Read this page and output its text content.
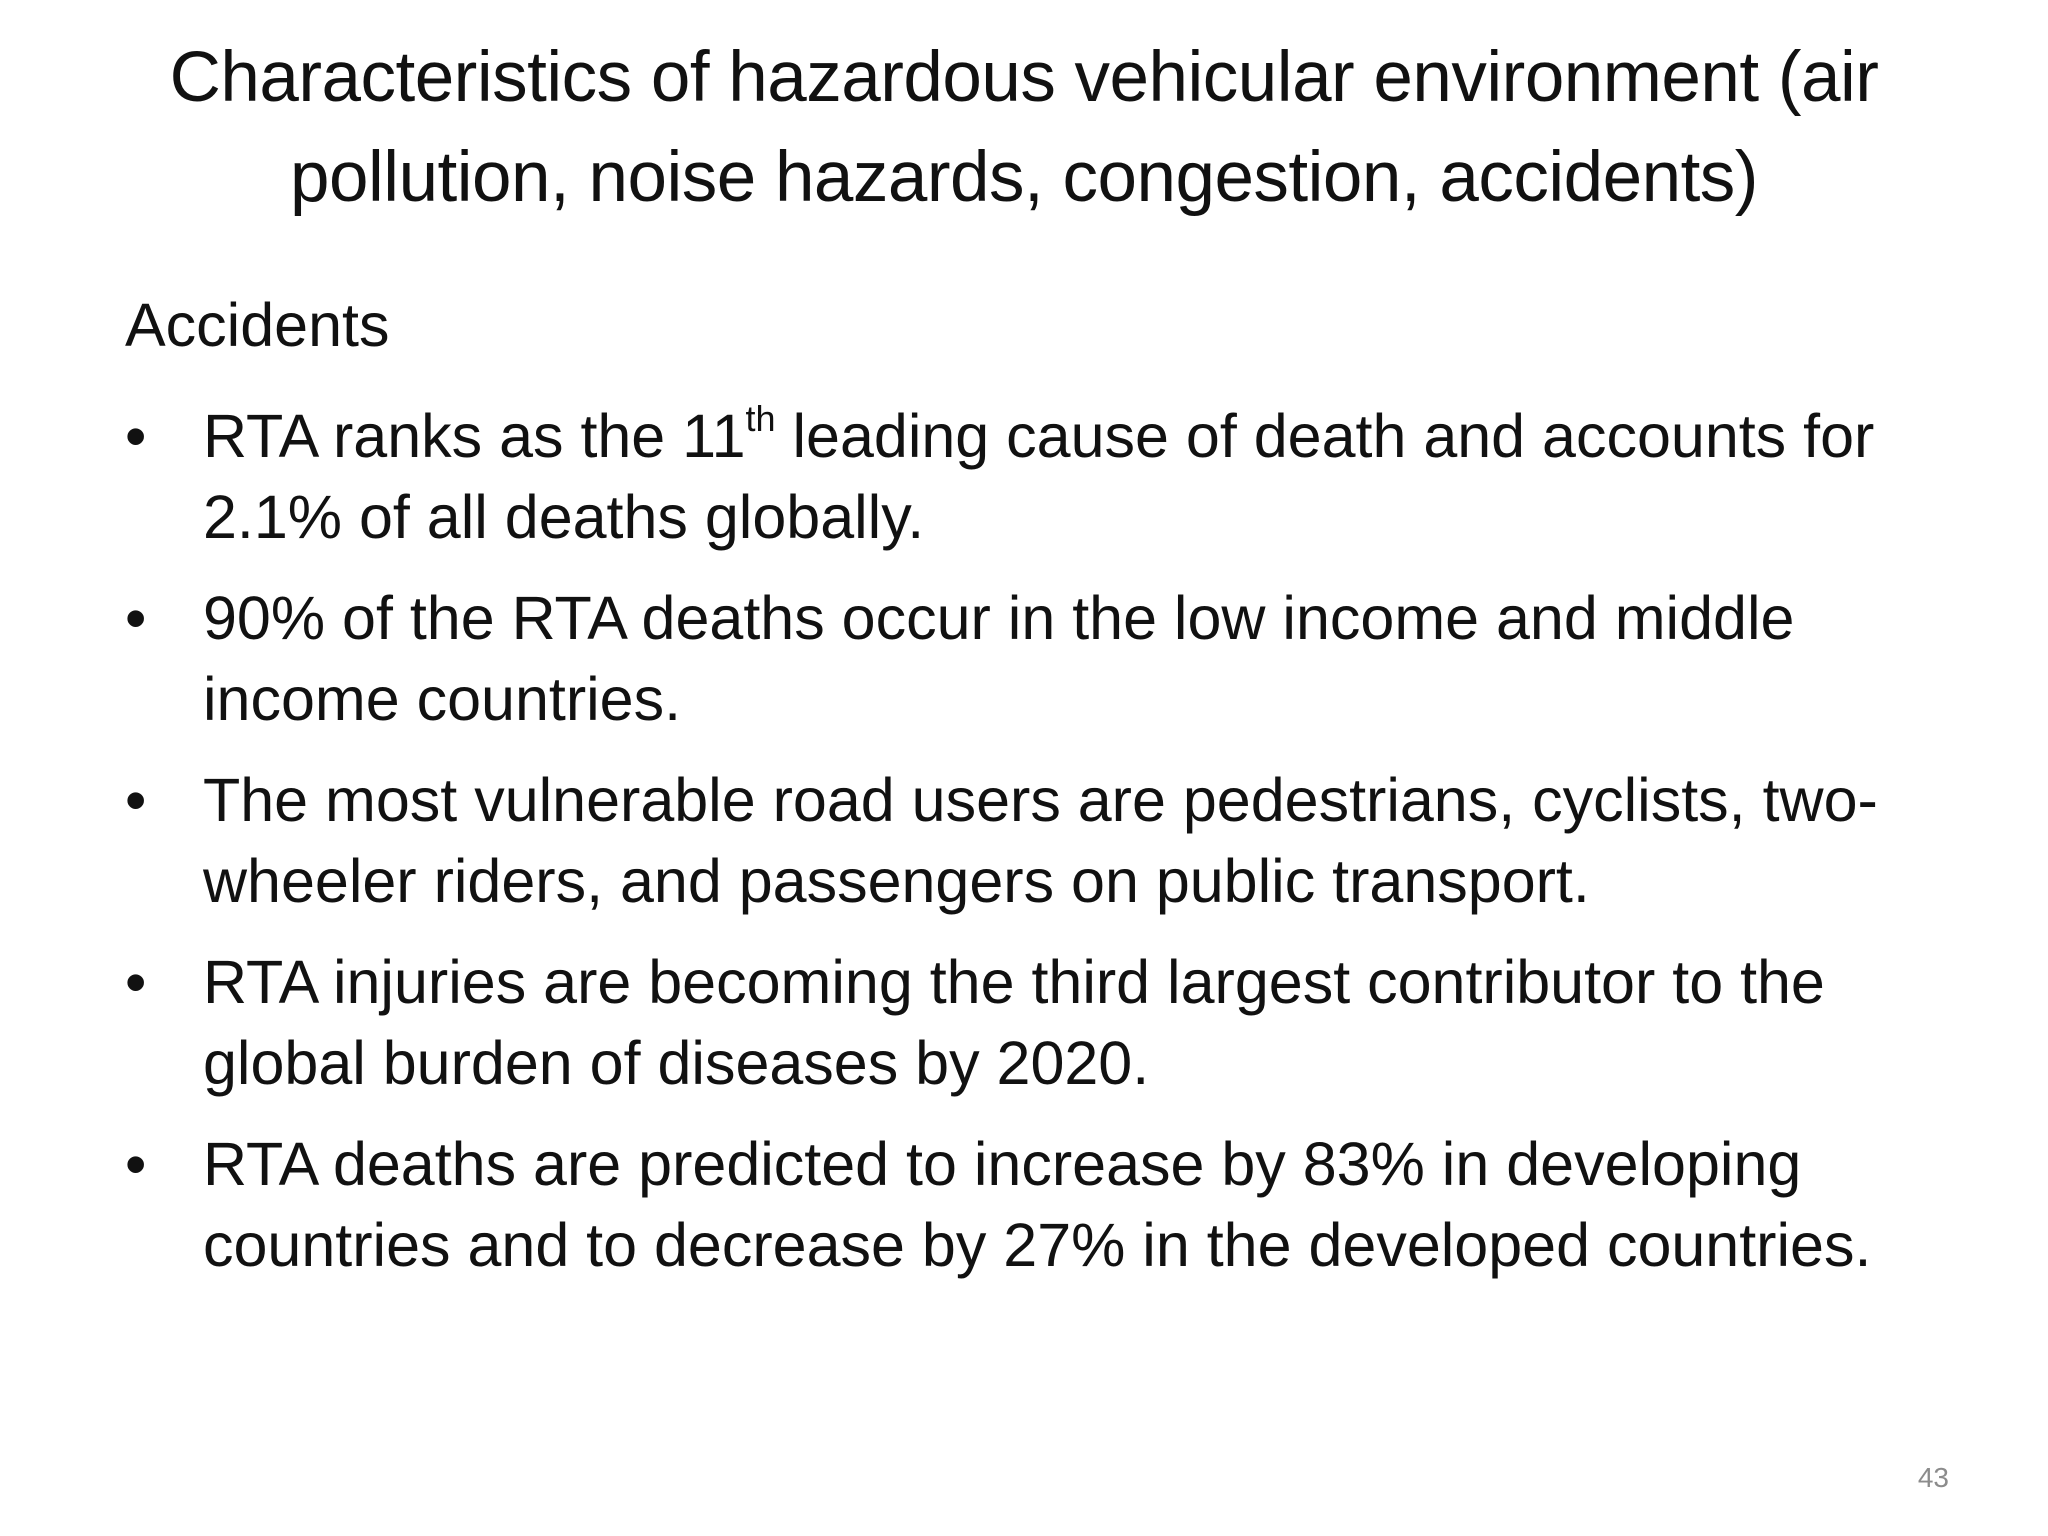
Characteristics of hazardous vehicular environment (air pollution, noise hazards, congestion, accidents)
Accidents
• RTA ranks as the 11th leading cause of death and accounts for 2.1% of all deaths globally.
• 90% of the RTA deaths occur in the low income and middle income countries.
• The most vulnerable road users are pedestrians, cyclists, two-wheeler riders, and passengers on public transport.
• RTA injuries are becoming the third largest contributor to the global burden of diseases by 2020.
• RTA deaths are predicted to increase by 83% in developing countries and to decrease by 27% in the developed countries.
43
